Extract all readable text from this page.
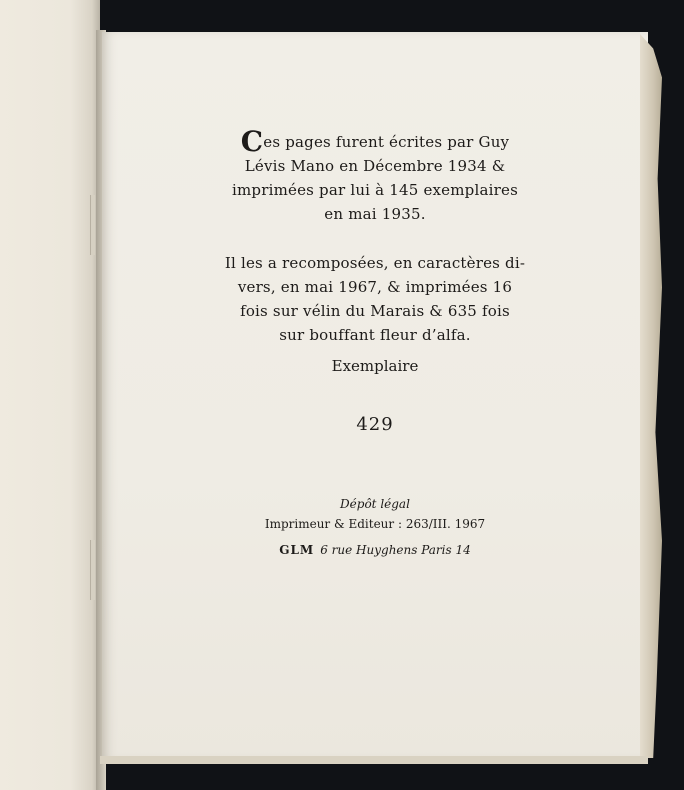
Ces pages furent écrites par Guy
Lévis Mano en Décembre 1934 &
imprimées par lui à 145 exemplaires
en mai 1935.
Il les a recomposées, en caractères di-
vers, en mai 1967, & imprimées 16
fois sur vélin du Marais & 635 fois
sur bouffant fleur d’alfa.
Exemplaire
429
Dépôt légal
Imprimeur & Editeur : 263/III. 1967
GLM 6 rue Huyghens Paris 14
